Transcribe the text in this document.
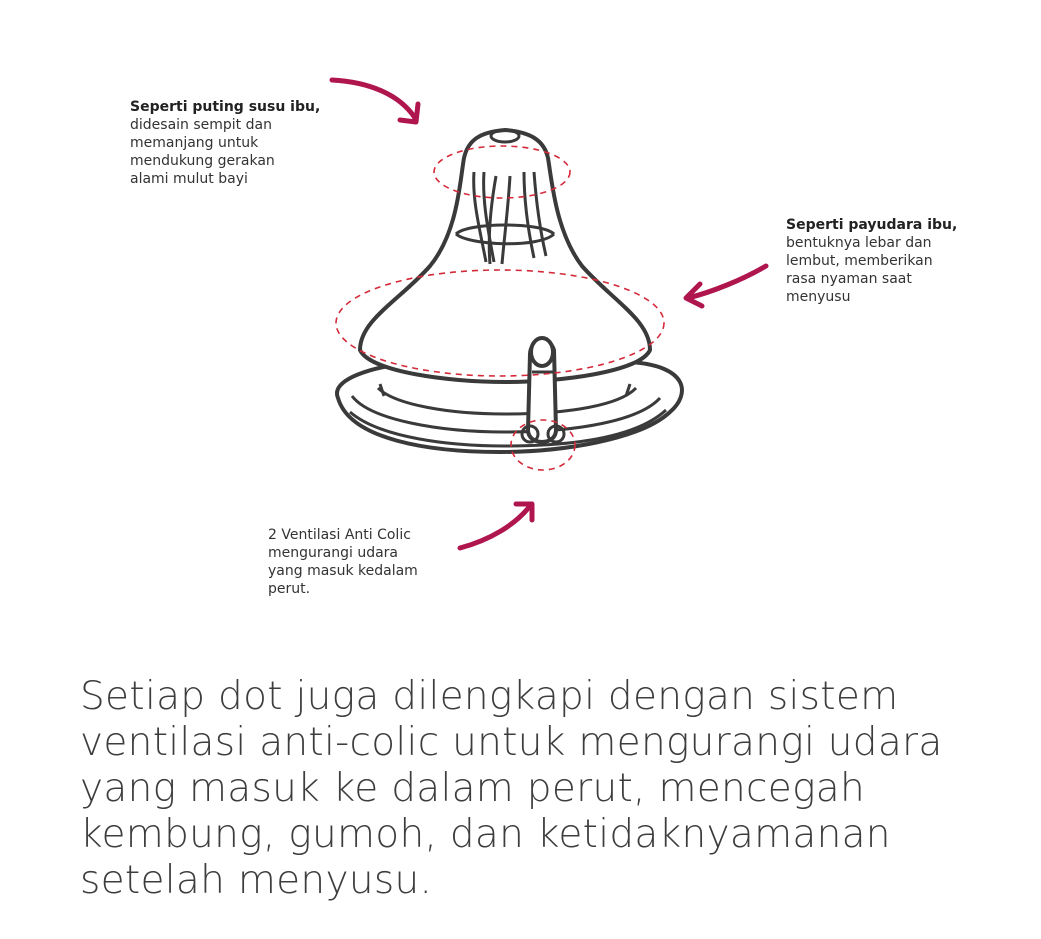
Seperti puting susu ibu,
didesain sempit dan
memanjang untuk
mendukung gerakan
alami mulut bayi
Seperti payudara ibu,
bentuknya lebar dan
lembut, memberikan
rasa nyaman saat
menyusu
2 Ventilasi Anti Colic
mengurangi udara
yang masuk kedalam
perut.
Setiap dot juga dilengkapi dengan sistem
ventilasi anti-colic untuk mengurangi udara
yang masuk ke dalam perut, mencegah
kembung, gumoh, dan ketidaknyamanan
setelah menyusu.
